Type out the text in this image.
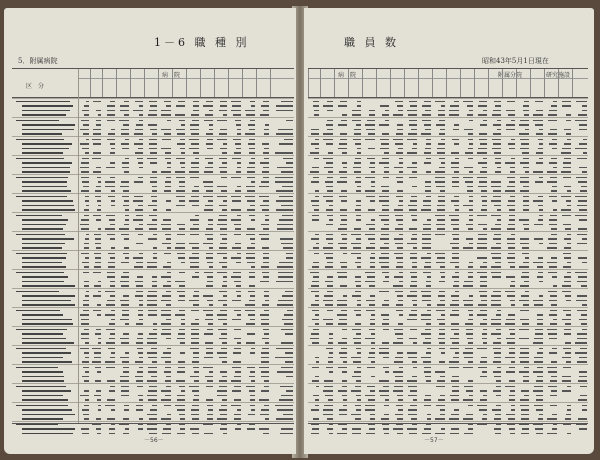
1－6 職 種 別
5．附属病院
区　分
病　院
－56－
職 員 数
昭和43年5月1日現在
病　院	附属分院	研究施設
－57－
